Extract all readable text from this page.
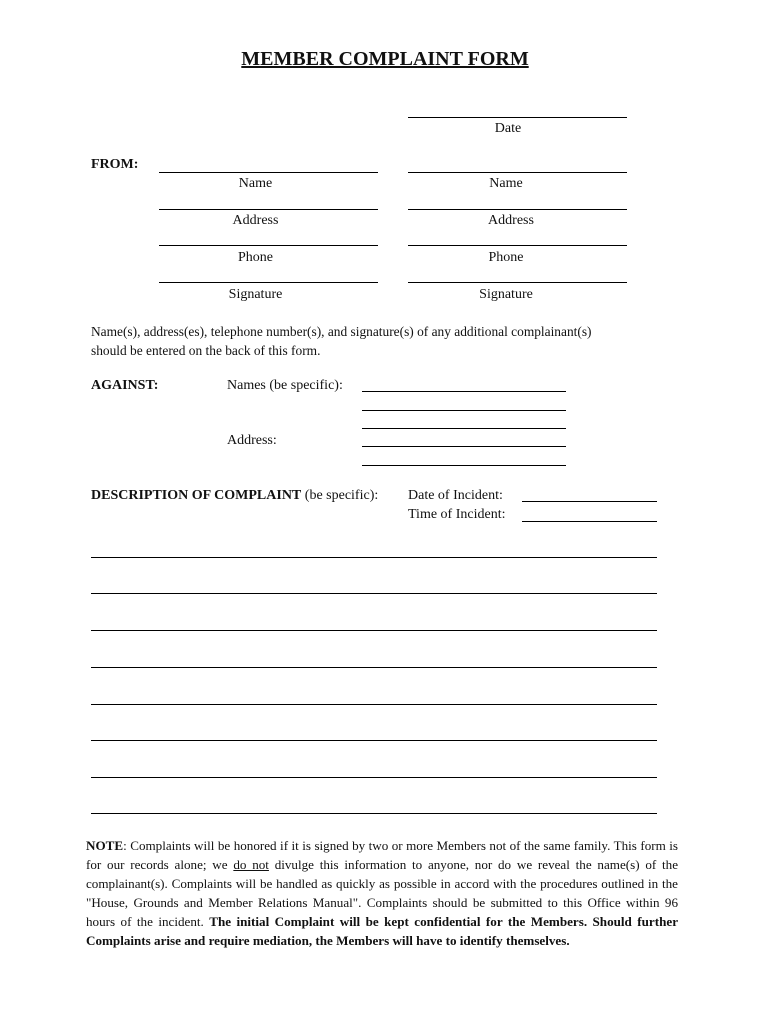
MEMBER COMPLAINT FORM
Date
FROM:
Name
Address
Phone
Signature
Name
Address
Phone
Signature
Name(s), address(es), telephone number(s), and signature(s) of any additional complainant(s)
should be entered on the back of this form.
AGAINST:	Names (be specific):
Address:
DESCRIPTION OF COMPLAINT (be specific): Date of Incident:
Time of Incident:

NOTE: Complaints will be honored if it is signed by two or more Members not of the same family. This form is for our records alone; we do not divulge this information to anyone, nor do we reveal the name(s) of the complainant(s). Complaints will be handled as quickly as possible in accord with the procedures outlined in the "House, Grounds and Member Relations Manual". Complaints should be submitted to this Office within 96 hours of the incident. The initial Complaint will be kept confidential for the Members. Should further Complaints arise and require mediation, the Members will have to identify themselves.
